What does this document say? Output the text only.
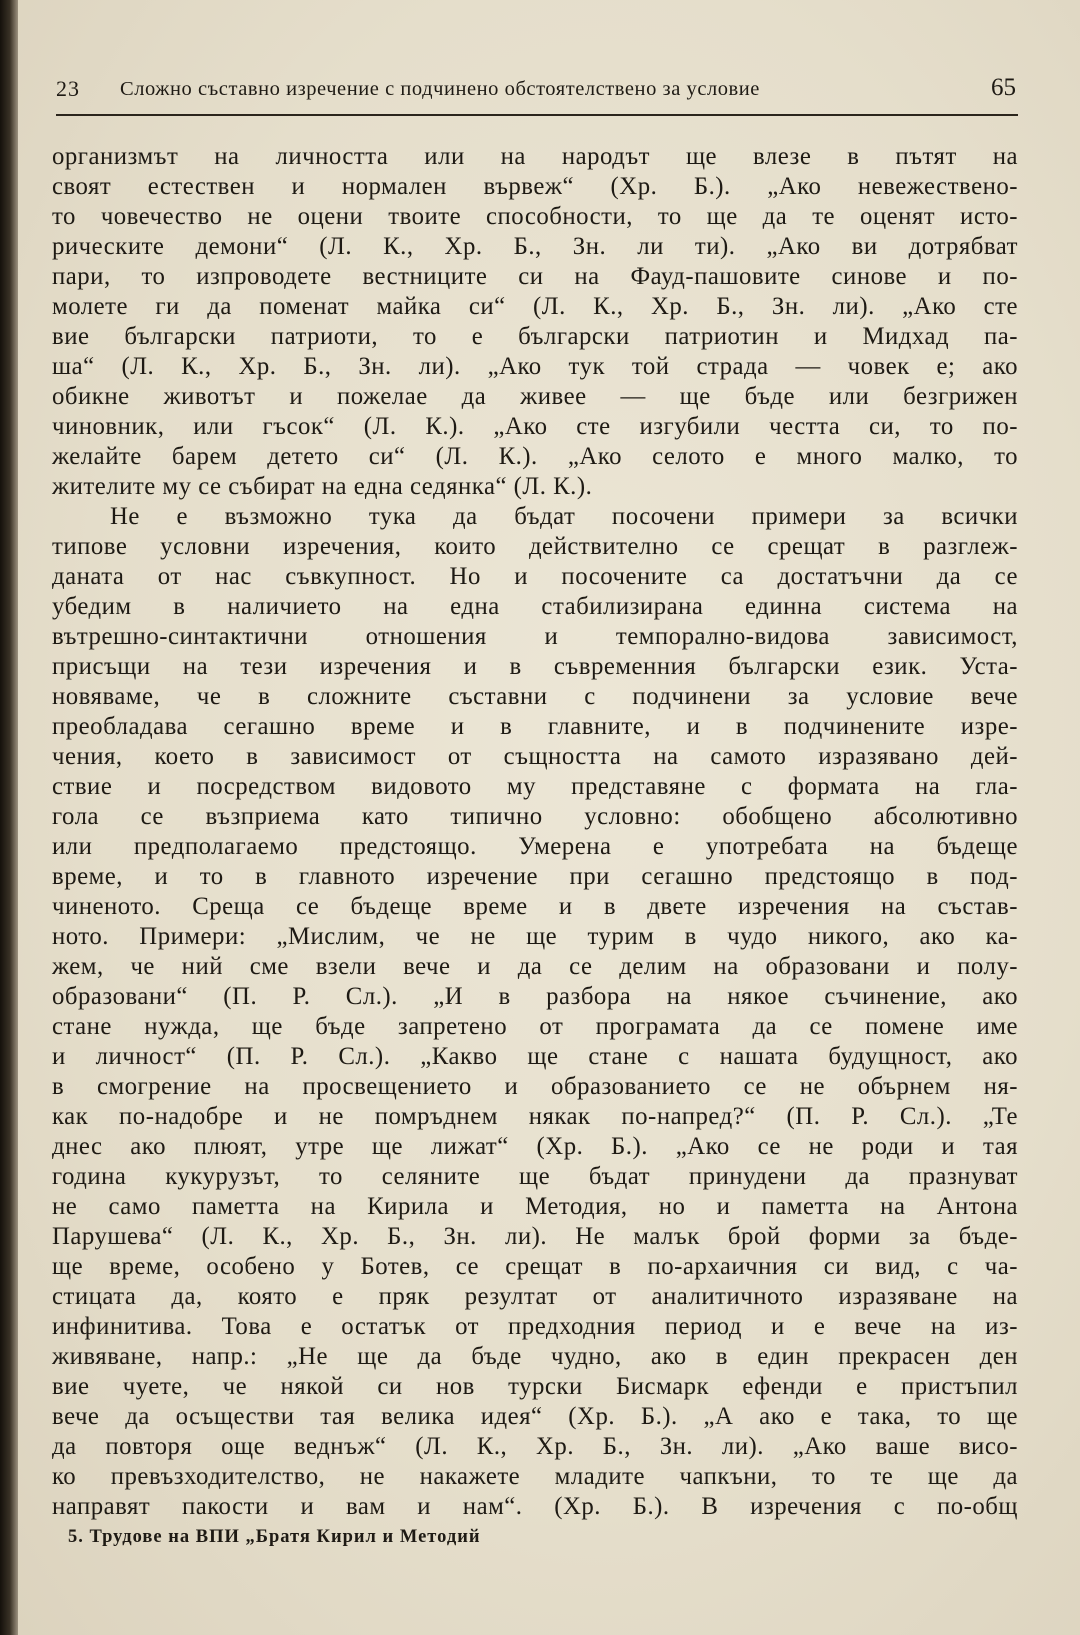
23 Сложно съставно изречение с подчинено обстоятелствено за условие	65

организмът на личността или на народът ще влезе в пътят на

своят естествен и нормален вървеж“ (Хр. Б.). „Ако невежествено-

то човечество не оцени твоите способности, то ще да те оценят исто-

рическите демони“ (Л. К., Хр. Б., Зн. ли ти). „Ако ви дотрябват

пари, то изпроводете вестниците си на Фауд-пашовите синове и по-

молете ги да поменат майка си“ (Л. К., Хр. Б., Зн. ли). „Ако сте

вие български патриоти, то е български патриотин и Мидхад па-

ша“ (Л. К., Хр. Б., Зн. ли). „Ако тук той страда — човек е; ако

обикне животът и пожелае да живее — ще бъде или безгрижен

чиновник, или гъсок“ (Л. К.). „Ако сте изгубили честта си, то по-

желайте барем детето си“ (Л. К.). „Ако селото е много малко, то

жителите му се събират на една седянка“ (Л. К.).

Не е възможно тука да бъдат посочени примери за всички

типове условни изречения, които действително се срещат в разглеж-

даната от нас съвкупност. Но и посочените са достатъчни да се

убедим в наличието на една стабилизирана единна система на

вътрешно-синтактични отношения и темпорално-видова зависимост,

присъщи на тези изречения и в съвременния български език. Уста-

новяваме, че в сложните съставни с подчинени за условие вече

преобладава сегашно време и в главните, и в подчинените изре-

чения, което в зависимост от същността на самото изразявано дей-

ствие и посредством видовото му представяне с формата на гла-

гола се възприема като типично условно: обобщено абсолютивно

или предполагаемо предстоящо. Умерена е употребата на бъдеще

време, и то в главното изречение при сегашно предстоящо в под-

чиненото. Среща се бъдеще време и в двете изречения на състав-

ното. Примери: „Мислим, че не ще турим в чудо никого, ако ка-

жем, че ний сме взели вече и да се делим на образовани и полу-

образовани“ (П. Р. Сл.). „И в разбора на някое съчинение, ако

стане нужда, ще бъде запретено от програмата да се помене име

и личност“ (П. Р. Сл.). „Какво ще стане с нашата будущност, ако

в смогрение на просвещението и образованието се не обърнем ня-

как по-надобре и не помръднем някак по-напред?“ (П. Р. Сл.). „Те

днес ако плюят, утре ще лижат“ (Хр. Б.). „Ако се не роди и тая

година кукурузът, то селяните ще бъдат принудени да празнуват

не само паметта на Кирила и Методия, но и паметта на Антона

Парушева“ (Л. К., Хр. Б., Зн. ли). Не малък брой форми за бъде-

ще време, особено у Ботев, се срещат в по-архаичния си вид, с ча-

стицата да, която е пряк резултат от аналитичното изразяване на

инфинитива. Това е остатък от предходния период и е вече на из-

живяване, напр.: „Не ще да бъде чудно, ако в един прекрасен ден

вие чуете, че някой си нов турски Бисмарк ефенди е пристъпил

вече да осъществи тая велика идея“ (Хр. Б.). „А ако е така, то ще

да повторя още веднъж“ (Л. К., Хр. Б., Зн. ли). „Ако ваше висо-

ко превъзходителство, не накажете младите чапкъни, то те ще да

направят пакости и вам и нам“. (Хр. Б.). В изречения с по-общ

5. Трудове на ВПИ „Братя Кирил и Методий
